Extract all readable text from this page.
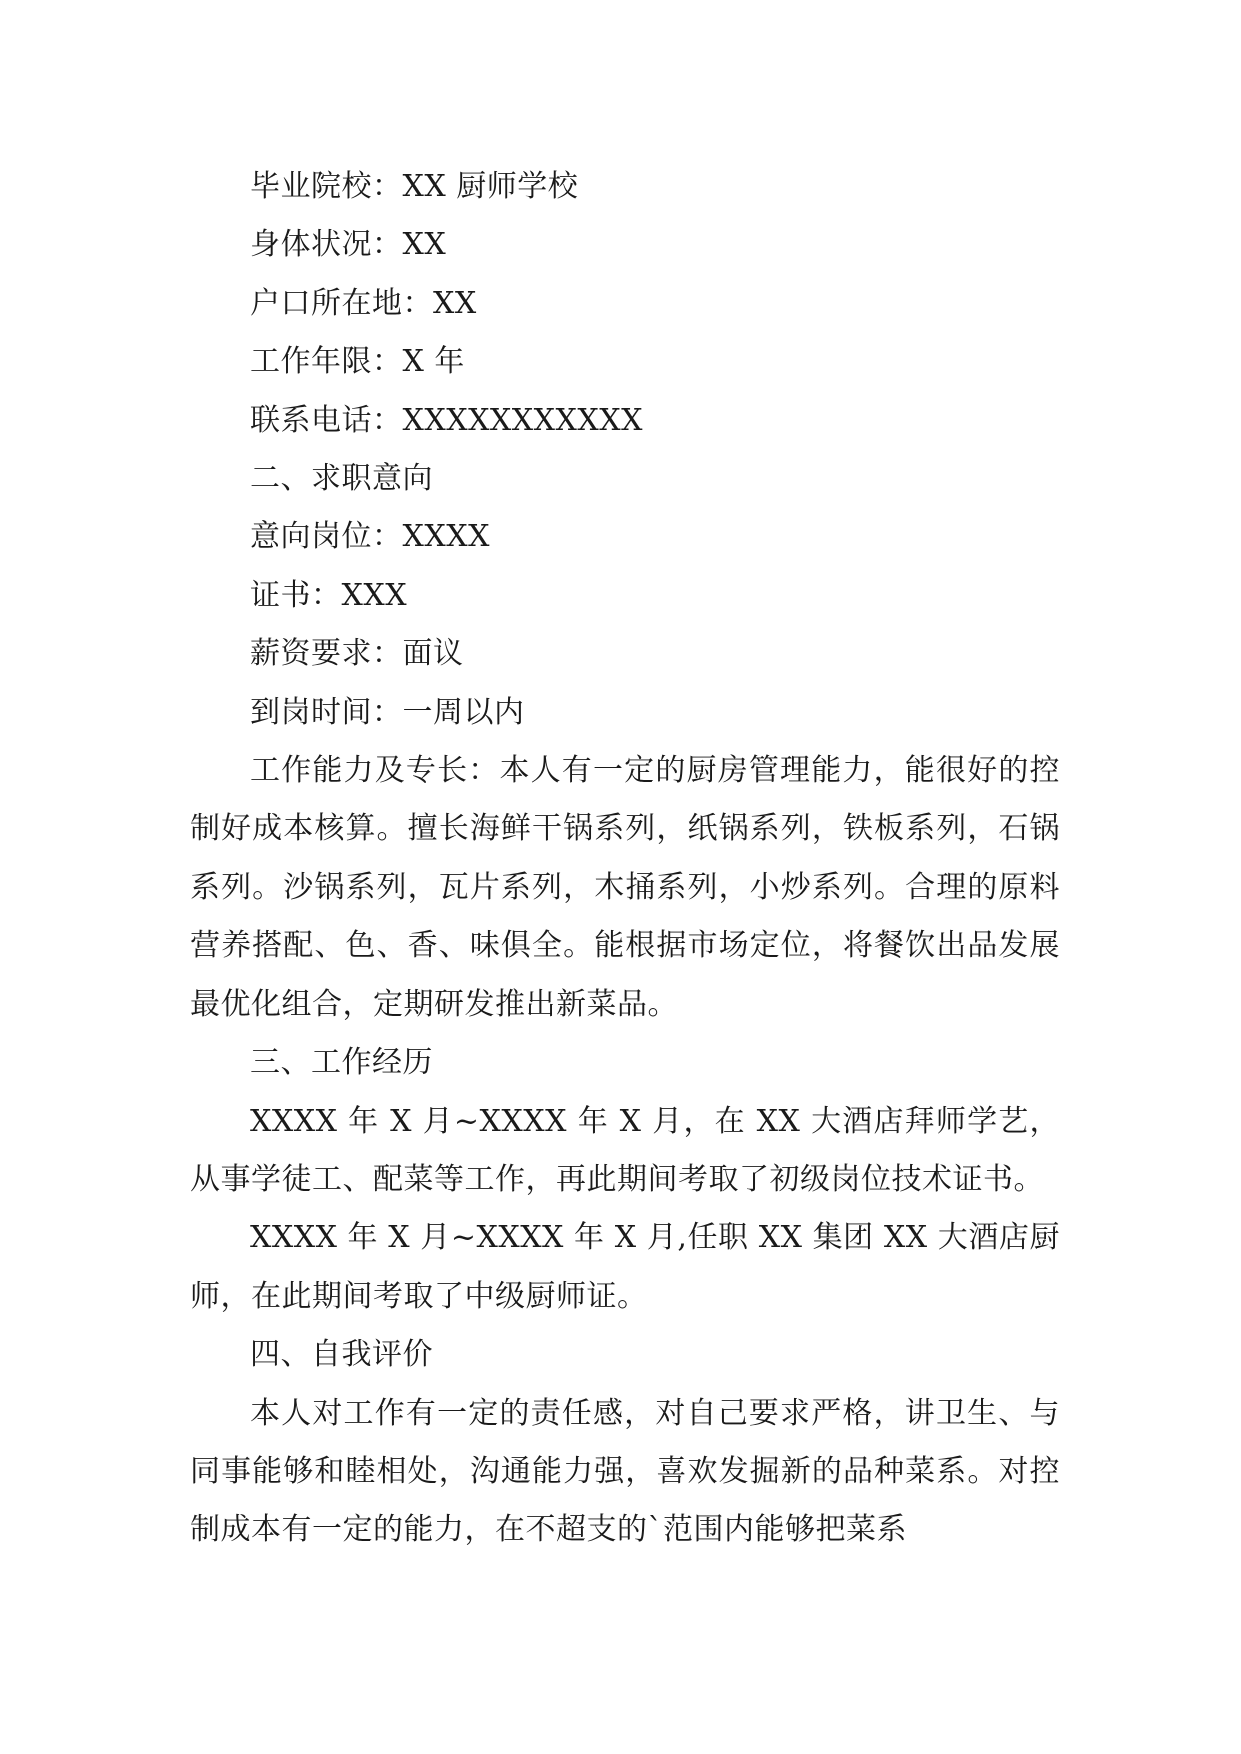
毕业院校：XX 厨师学校

身体状况：XX

户口所在地：XX

工作年限：X 年

联系电话：XXXXXXXXXXX

二、求职意向

意向岗位：XXXX

证书：XXX

薪资要求：面议

到岗时间：一周以内

工作能力及专长：本人有一定的厨房管理能力，能很好的控制好成本核算。擅长海鲜干锅系列，纸锅系列，铁板系列，石锅系列。沙锅系列，瓦片系列，木捅系列，小炒系列。合理的原料营养搭配、色、香、味俱全。能根据市场定位，将餐饮出品发展最优化组合，定期研发推出新菜品。

三、工作经历

XXXX 年 X 月~XXXX 年 X 月，在 XX 大酒店拜师学艺，从事学徒工、配菜等工作，再此期间考取了初级岗位技术证书。

XXXX 年 X 月~XXXX 年 X 月,任职 XX 集团 XX 大酒店厨师，在此期间考取了中级厨师证。

四、自我评价

本人对工作有一定的责任感，对自己要求严格，讲卫生、与同事能够和睦相处，沟通能力强，喜欢发掘新的品种菜系。对控制成本有一定的能力，在不超支的`范围内能够把菜系
